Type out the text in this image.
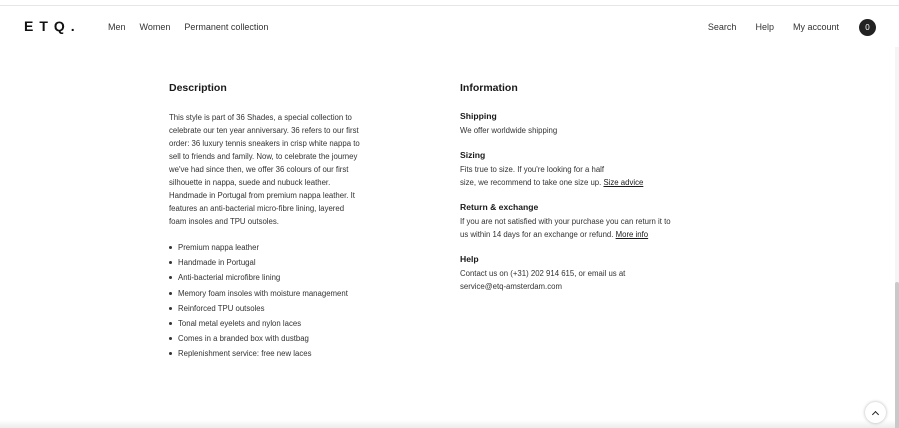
ETQ.	Men Women Permanent collection	Search Help My account	0
Description
This style is part of 36 Shades, a special collection to
celebrate our ten year anniversary. 36 refers to our first
order: 36 luxury tennis sneakers in crisp white nappa to
sell to friends and family. Now, to celebrate the journey
we've had since then, we offer 36 colours of our first
silhouette in nappa, suede and nubuck leather.
Handmade in Portugal from premium nappa leather. It
features an anti-bacterial micro-fibre lining, layered
foam insoles and TPU outsoles.
Premium nappa leather
Handmade in Portugal
Anti-bacterial microfibre lining
Memory foam insoles with moisture management
Reinforced TPU outsoles
Tonal metal eyelets and nylon laces
Comes in a branded box with dustbag
Replenishment service: free new laces
Information
Shipping
We offer worldwide shipping
Sizing
Fits true to size. If you're looking for a half
size, we recommend to take one size up. Size advice
Return & exchange
If you are not satisfied with your purchase you can return it to
us within 14 days for an exchange or refund. More info
Help
Contact us on (+31) 202 914 615, or email us at
service@etq-amsterdam.com
